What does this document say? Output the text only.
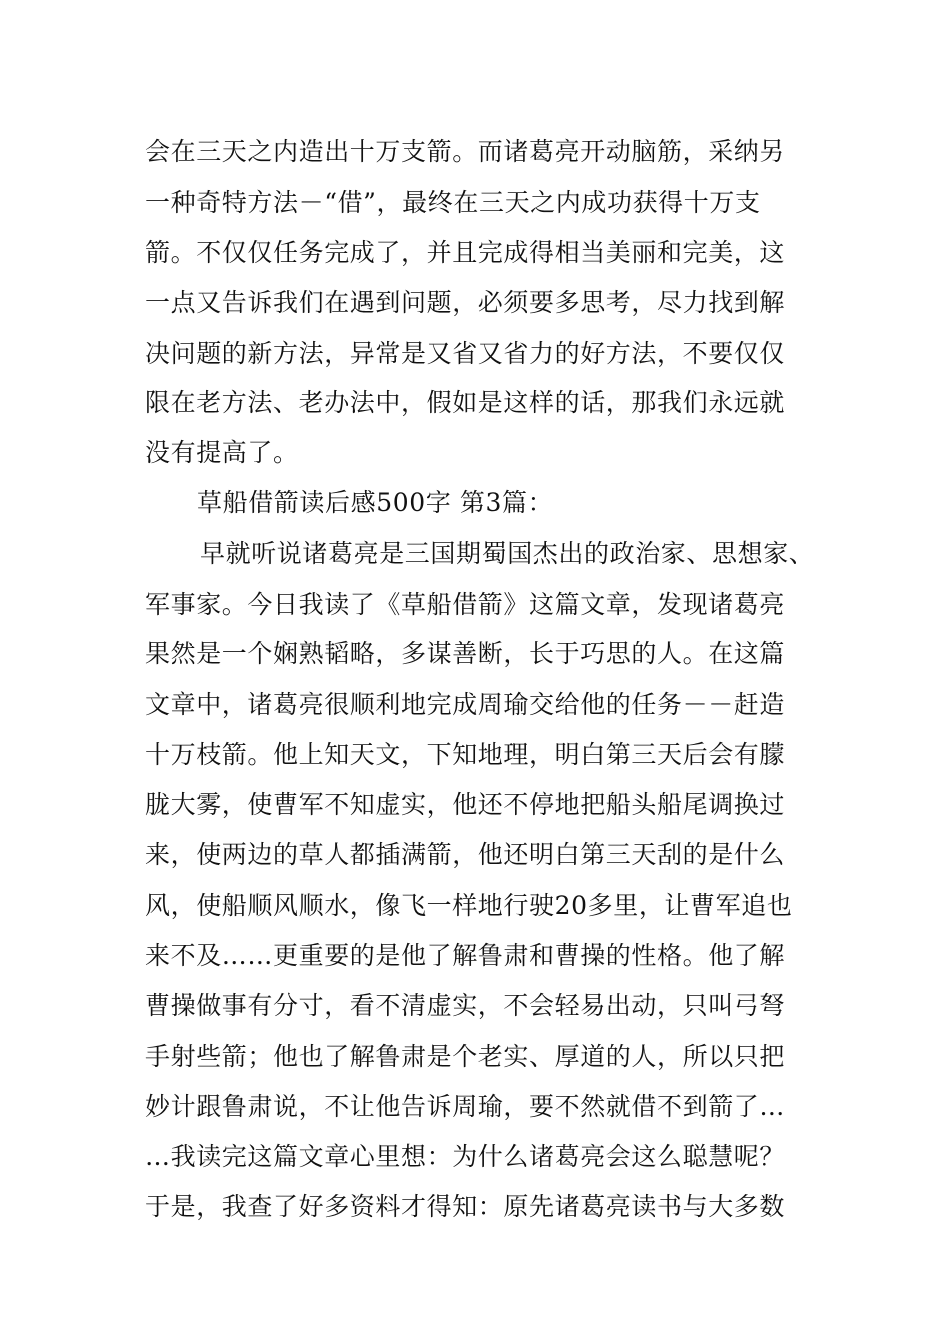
会在三天之内造出十万支箭。而诸葛亮开动脑筋，采纳另
一种奇特方法－“借”，最终在三天之内成功获得十万支
箭。不仅仅任务完成了，并且完成得相当美丽和完美，这
一点又告诉我们在遇到问题，必须要多思考，尽力找到解
决问题的新方法，异常是又省又省力的好方法，不要仅仅
限在老方法、老办法中，假如是这样的话，那我们永远就
没有提高了。
草船借箭读后感500字 第3篇：
早就听说诸葛亮是三国期蜀国杰出的政治家、思想家、
军事家。今日我读了《草船借箭》这篇文章，发现诸葛亮
果然是一个娴熟韬略，多谋善断，长于巧思的人。在这篇
文章中，诸葛亮很顺利地完成周瑜交给他的任务－－赶造
十万枝箭。他上知天文，下知地理，明白第三天后会有朦
胧大雾，使曹军不知虚实，他还不停地把船头船尾调换过
来，使两边的草人都插满箭，他还明白第三天刮的是什么
风，使船顺风顺水，像飞一样地行驶20多里，让曹军追也
来不及……更重要的是他了解鲁肃和曹操的性格。他了解
曹操做事有分寸，看不清虚实，不会轻易出动，只叫弓弩
手射些箭；他也了解鲁肃是个老实、厚道的人，所以只把
妙计跟鲁肃说，不让他告诉周瑜，要不然就借不到箭了…
…我读完这篇文章心里想：为什么诸葛亮会这么聪慧呢？
于是，我查了好多资料才得知：原先诸葛亮读书与大多数
